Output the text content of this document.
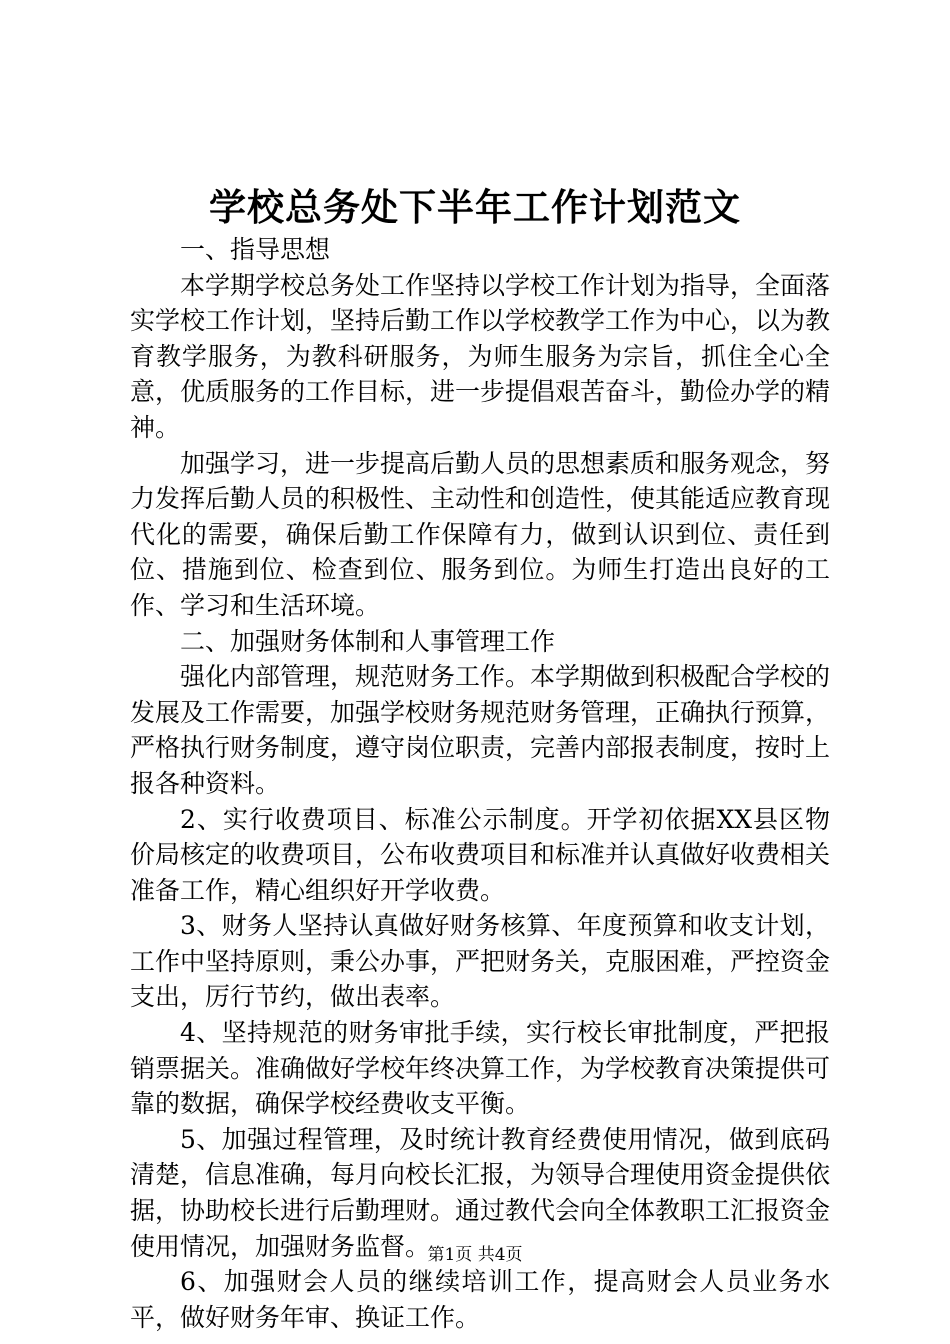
学校总务处下半年工作计划范文

一、指导思想

本学期学校总务处工作坚持以学校工作计划为指导，全面落实学校工作计划，坚持后勤工作以学校教学工作为中心，以为教育教学服务，为教科研服务，为师生服务为宗旨，抓住全心全意，优质服务的工作目标，进一步提倡艰苦奋斗，勤俭办学的精神。

加强学习，进一步提高后勤人员的思想素质和服务观念，努力发挥后勤人员的积极性、主动性和创造性，使其能适应教育现代化的需要，确保后勤工作保障有力，做到认识到位、责任到位、措施到位、检查到位、服务到位。为师生打造出良好的工作、学习和生活环境。

二、加强财务体制和人事管理工作

强化内部管理，规范财务工作。本学期做到积极配合学校的发展及工作需要，加强学校财务规范财务管理，正确执行预算，严格执行财务制度，遵守岗位职责，完善内部报表制度，按时上报各种资料。

2、实行收费项目、标准公示制度。开学初依据XX县区物价局核定的收费项目，公布收费项目和标准并认真做好收费相关准备工作，精心组织好开学收费。

3、财务人坚持认真做好财务核算、年度预算和收支计划，工作中坚持原则，秉公办事，严把财务关，克服困难，严控资金支出，厉行节约，做出表率。

4、坚持规范的财务审批手续，实行校长审批制度，严把报销票据关。准确做好学校年终决算工作，为学校教育决策提供可靠的数据，确保学校经费收支平衡。

5、加强过程管理，及时统计教育经费使用情况，做到底码清楚，信息准确，每月向校长汇报，为领导合理使用资金提供依据，协助校长进行后勤理财。通过教代会向全体教职工汇报资金使用情况，加强财务监督。

6、加强财会人员的继续培训工作，提高财会人员业务水平，做好财务年审、换证工作。

第1页 共4页
